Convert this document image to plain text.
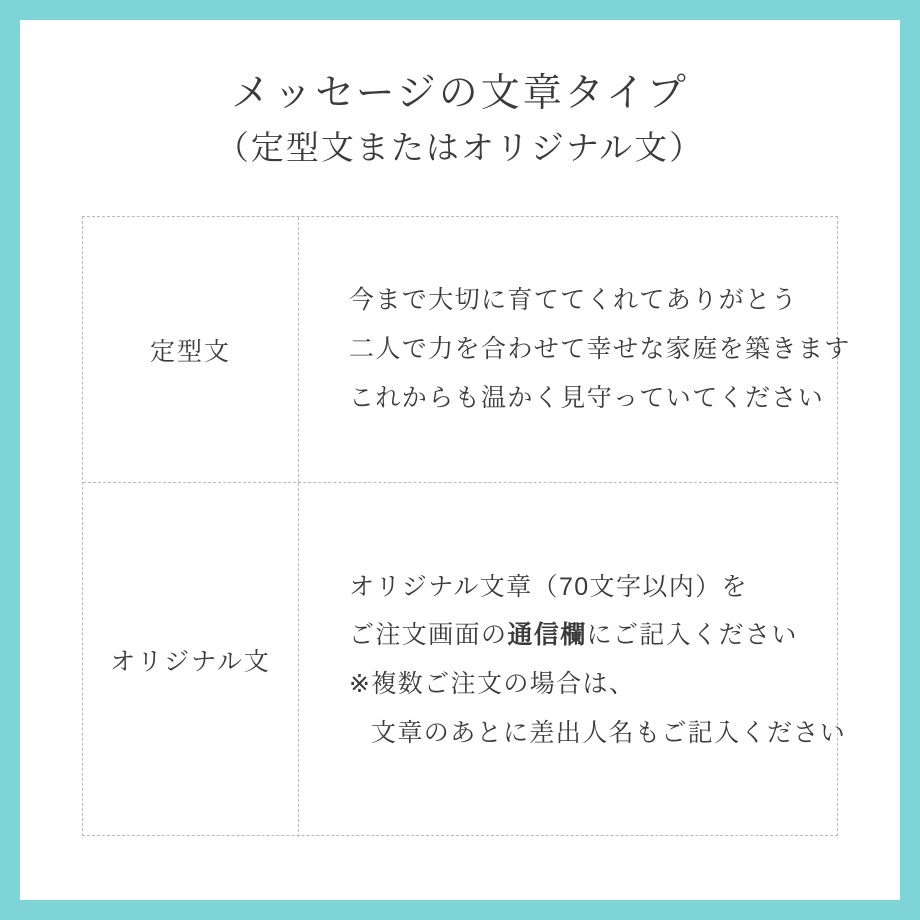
メッセージの文章タイプ
（定型文またはオリジナル文）
定型文
今まで大切に育ててくれてありがとう
二人で力を合わせて幸せな家庭を築きます
これからも温かく見守っていてください
オリジナル文
オリジナル文章（70文字以内）を
ご注文画面の通信欄にご記入ください
※複数ご注文の場合は、
文章のあとに差出人名もご記入ください
